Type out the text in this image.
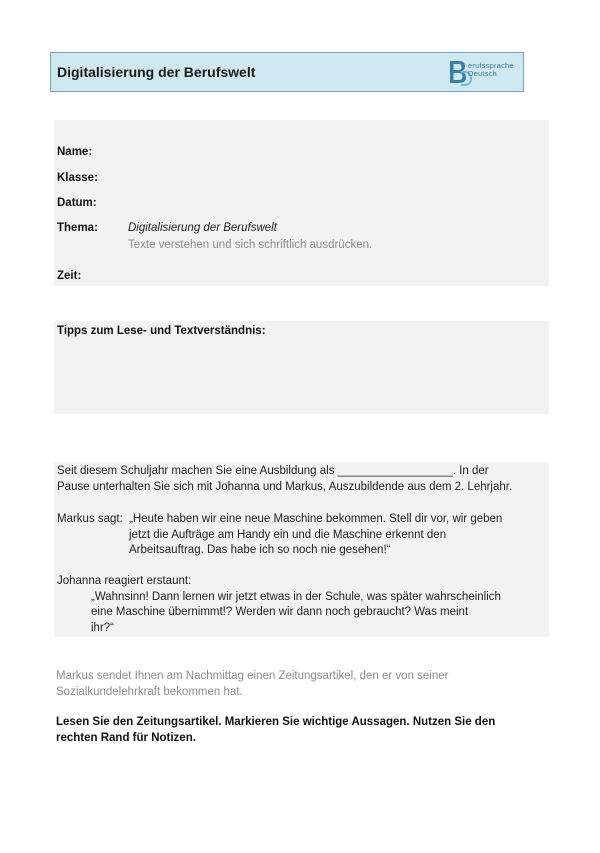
Digitalisierung der Berufswelt	erufssprache
Deutsch
Name:
Klasse:
Datum:
Thema:	Digitalisierung der Berufswelt
Texte verstehen und sich schriftlich ausdrücken.
Zeit:
Tipps zum Lese- und Textverständnis:
Seit diesem Schuljahr machen Sie eine Ausbildung als __________________. In der
Pause unterhalten Sie sich mit Johanna und Markus, Auszubildende aus dem 2. Lehrjahr.
Markus sagt: „Heute haben wir eine neue Maschine bekommen. Stell dir vor, wir geben
jetzt die Aufträge am Handy ein und die Maschine erkennt den
Arbeitsauftrag. Das habe ich so noch nie gesehen!“
Johanna reagiert erstaunt:
„Wahnsinn! Dann lernen wir jetzt etwas in der Schule, was später wahrscheinlich
eine Maschine übernimmt!? Werden wir dann noch gebraucht? Was meint
ihr?“
Markus sendet Ihnen am Nachmittag einen Zeitungsartikel, den er von seiner
Sozialkundelehrkraft bekommen hat.
Lesen Sie den Zeitungsartikel. Markieren Sie wichtige Aussagen. Nutzen Sie den
rechten Rand für Notizen.
